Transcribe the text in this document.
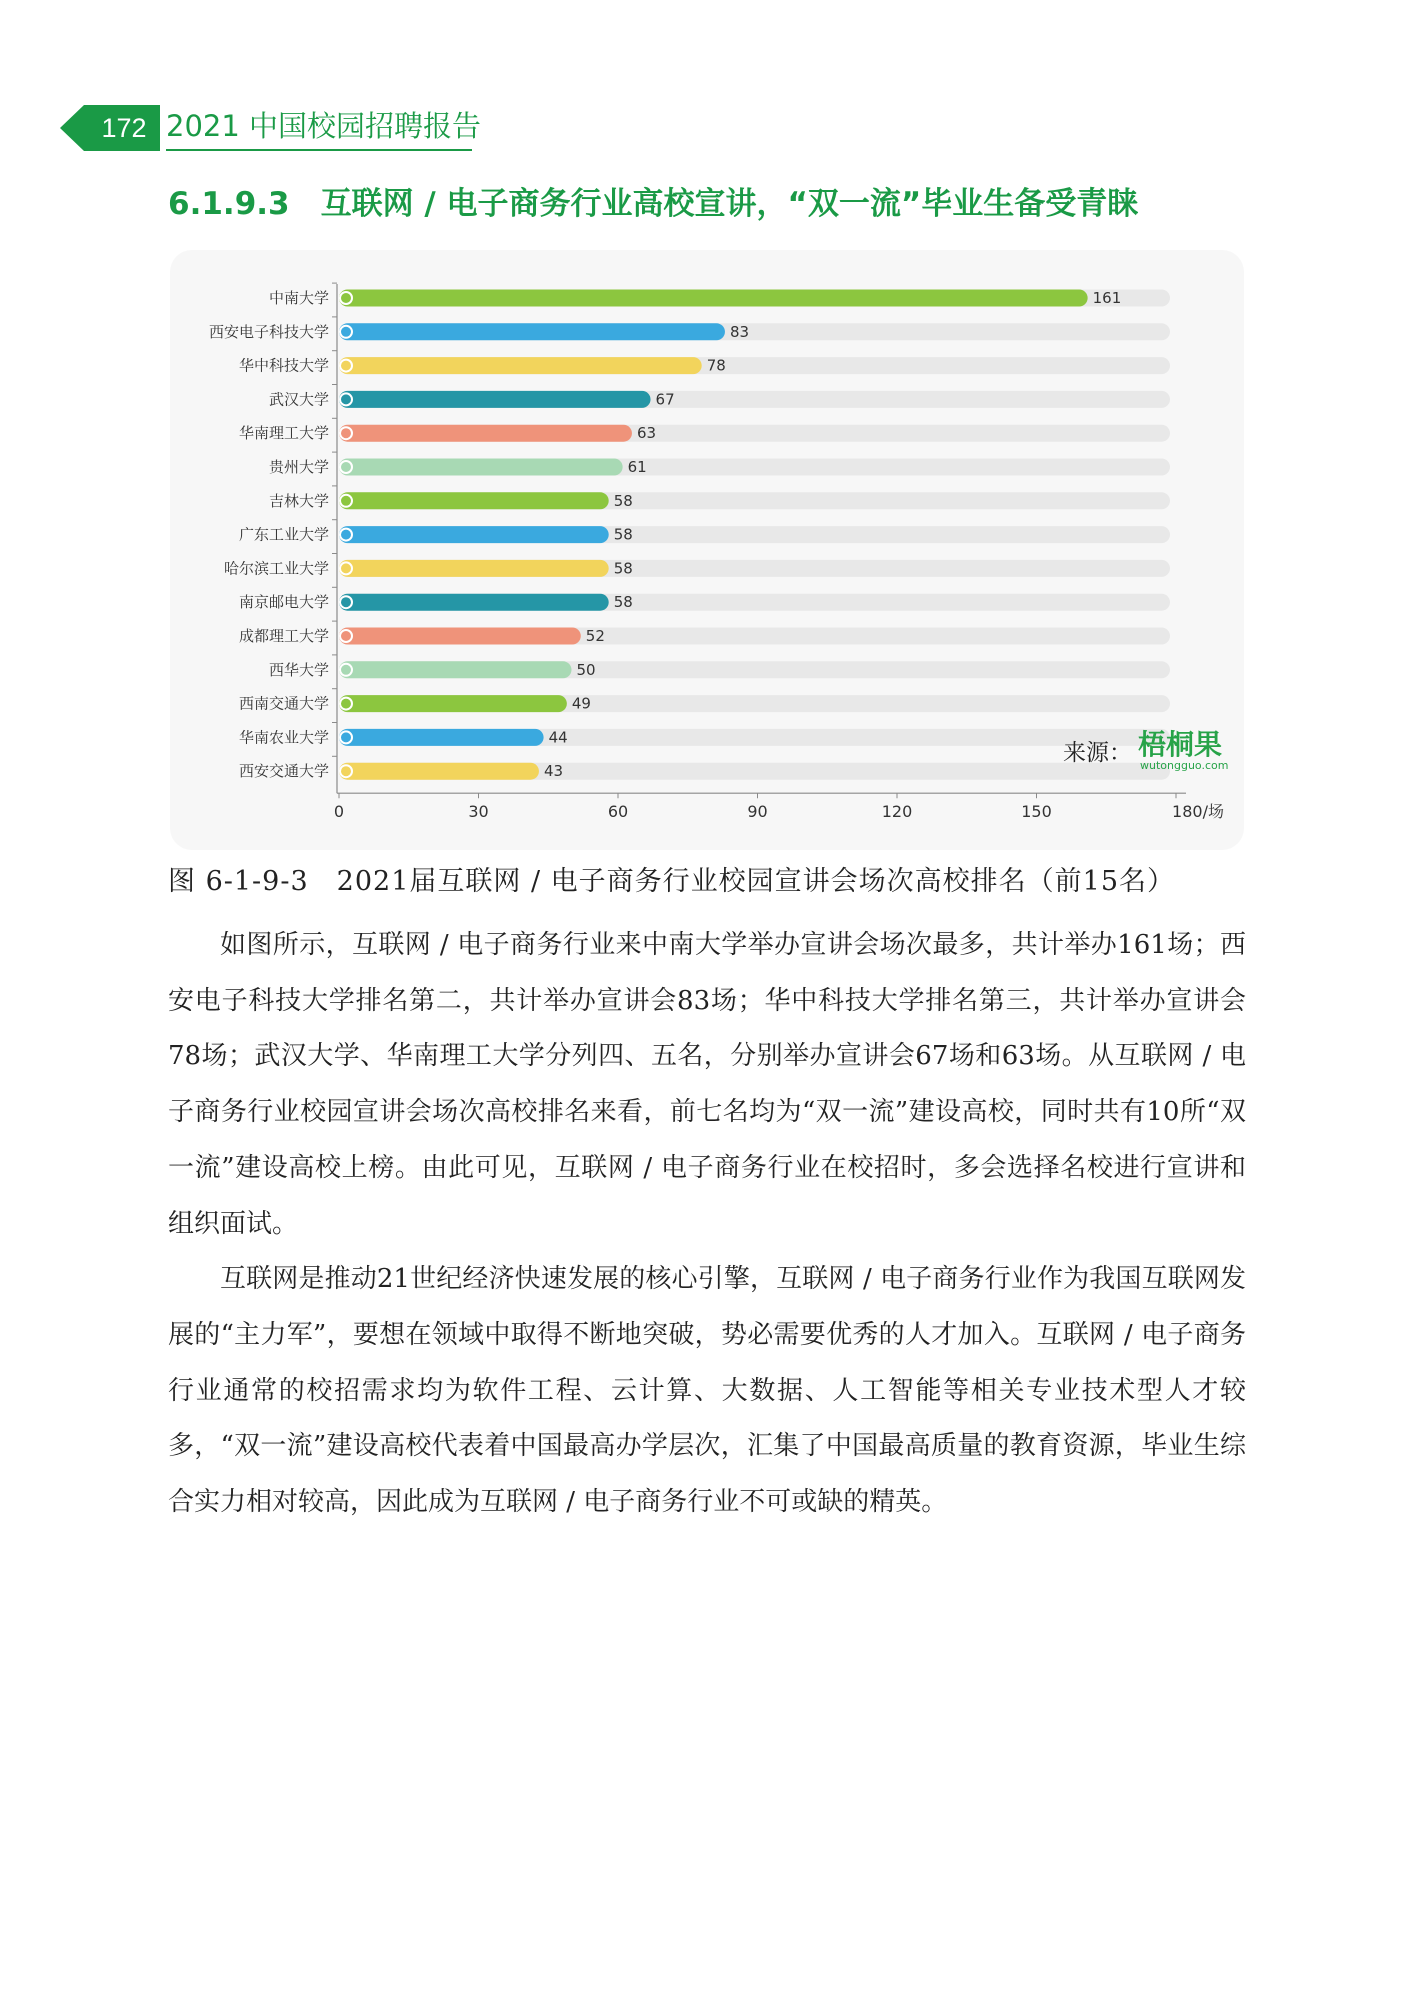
172 2021 中国校园招聘报告
6.1.9.3　互联网 / 电子商务行业高校宣讲，“双一流”毕业生备受青睐
中南大学	161
西安电子科技大学	83
华中科技大学	78
武汉大学	67
华南理工大学	63
贵州大学	61
吉林大学	58
广东工业大学	58
哈尔滨工业大学	58
南京邮电大学	58
成都理工大学	52
西华大学	50
西南交通大学	49
华南农业大学	44
西安交通大学	43
0	30	60	90	120	150	180/场
来源： 梧桐果
wutongguo.com
图 6-1-9-3　2021届互联网 / 电子商务行业校园宣讲会场次高校排名（前15名）

如图所示，互联网 / 电子商务行业来中南大学举办宣讲会场次最多，共计举办161场；西安电子科技大学排名第二，共计举办宣讲会83场；华中科技大学排名第三，共计举办宣讲会78场；武汉大学、华南理工大学分列四、五名，分别举办宣讲会67场和63场。从互联网 / 电子商务行业校园宣讲会场次高校排名来看，前七名均为“双一流”建设高校，同时共有10所“双一流”建设高校上榜。由此可见，互联网 / 电子商务行业在校招时，多会选择名校进行宣讲和组织面试。

互联网是推动21世纪经济快速发展的核心引擎，互联网 / 电子商务行业作为我国互联网发展的“主力军”，要想在领域中取得不断地突破，势必需要优秀的人才加入。互联网 / 电子商务行业通常的校招需求均为软件工程、云计算、大数据、人工智能等相关专业技术型人才较多，“双一流”建设高校代表着中国最高办学层次，汇集了中国最高质量的教育资源，毕业生综合实力相对较高，因此成为互联网 / 电子商务行业不可或缺的精英。
